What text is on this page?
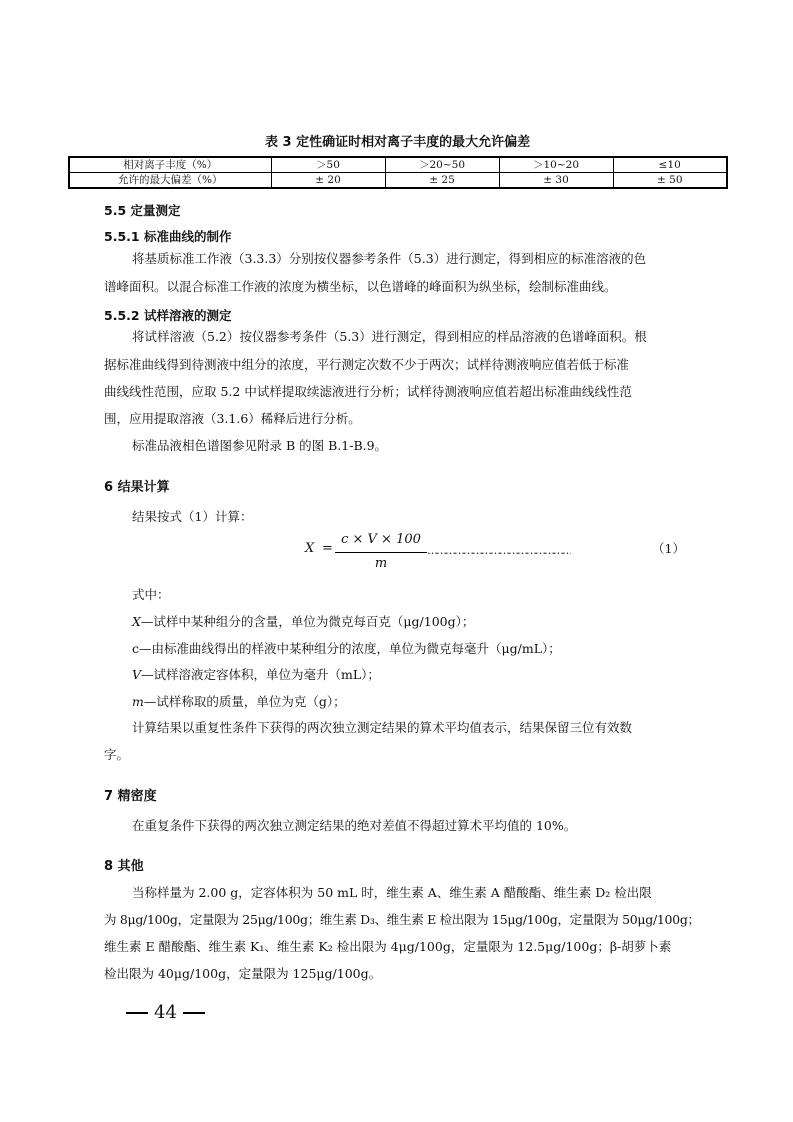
表 3 定性确证时相对离子丰度的最大允许偏差
相对离子丰度（%）	＞50	＞20~50	＞10~20	≤10
允许的最大偏差（%）	± 20	± 25	± 30	± 50
5.5 定量测定
5.5.1 标准曲线的制作
将基质标准工作液（3.3.3）分别按仪器参考条件（5.3）进行测定，得到相应的标准溶液的色
谱峰面积。以混合标准工作液的浓度为横坐标，以色谱峰的峰面积为纵坐标，绘制标准曲线。
5.5.2 试样溶液的测定
将试样溶液（5.2）按仪器参考条件（5.3）进行测定，得到相应的样品溶液的色谱峰面积。根
据标准曲线得到待测液中组分的浓度，平行测定次数不少于两次；试样待测液响应值若低于标准
曲线线性范围，应取 5.2 中试样提取续滤液进行分析；试样待测液响应值若超出标准曲线线性范
围，应用提取溶液（3.1.6）稀释后进行分析。
标准品液相色谱图参见附录 B 的图 B.1-B.9。
6 结果计算
结果按式（1）计算：
X =
c × V × 100
m
…………………………………………	（1）
式中：
X—试样中某种组分的含量，单位为微克每百克（μg/100g）；
c—由标准曲线得出的样液中某种组分的浓度，单位为微克每毫升（μg/mL）；
V—试样溶液定容体积，单位为毫升（mL）；
m—试样称取的质量，单位为克（g）；
计算结果以重复性条件下获得的两次独立测定结果的算术平均值表示，结果保留三位有效数
字。
7 精密度
在重复条件下获得的两次独立测定结果的绝对差值不得超过算术平均值的 10%。
8 其他
当称样量为 2.00 g，定容体积为 50 mL 时，维生素 A、维生素 A 醋酸酯、维生素 D₂ 检出限
为 8μg/100g，定量限为 25μg/100g；维生素 D₃、维生素 E 检出限为 15μg/100g，定量限为 50μg/100g；
维生素 E 醋酸酯、维生素 K₁、维生素 K₂ 检出限为 4μg/100g，定量限为 12.5μg/100g；β-胡萝卜素
检出限为 40μg/100g，定量限为 125μg/100g。
44
